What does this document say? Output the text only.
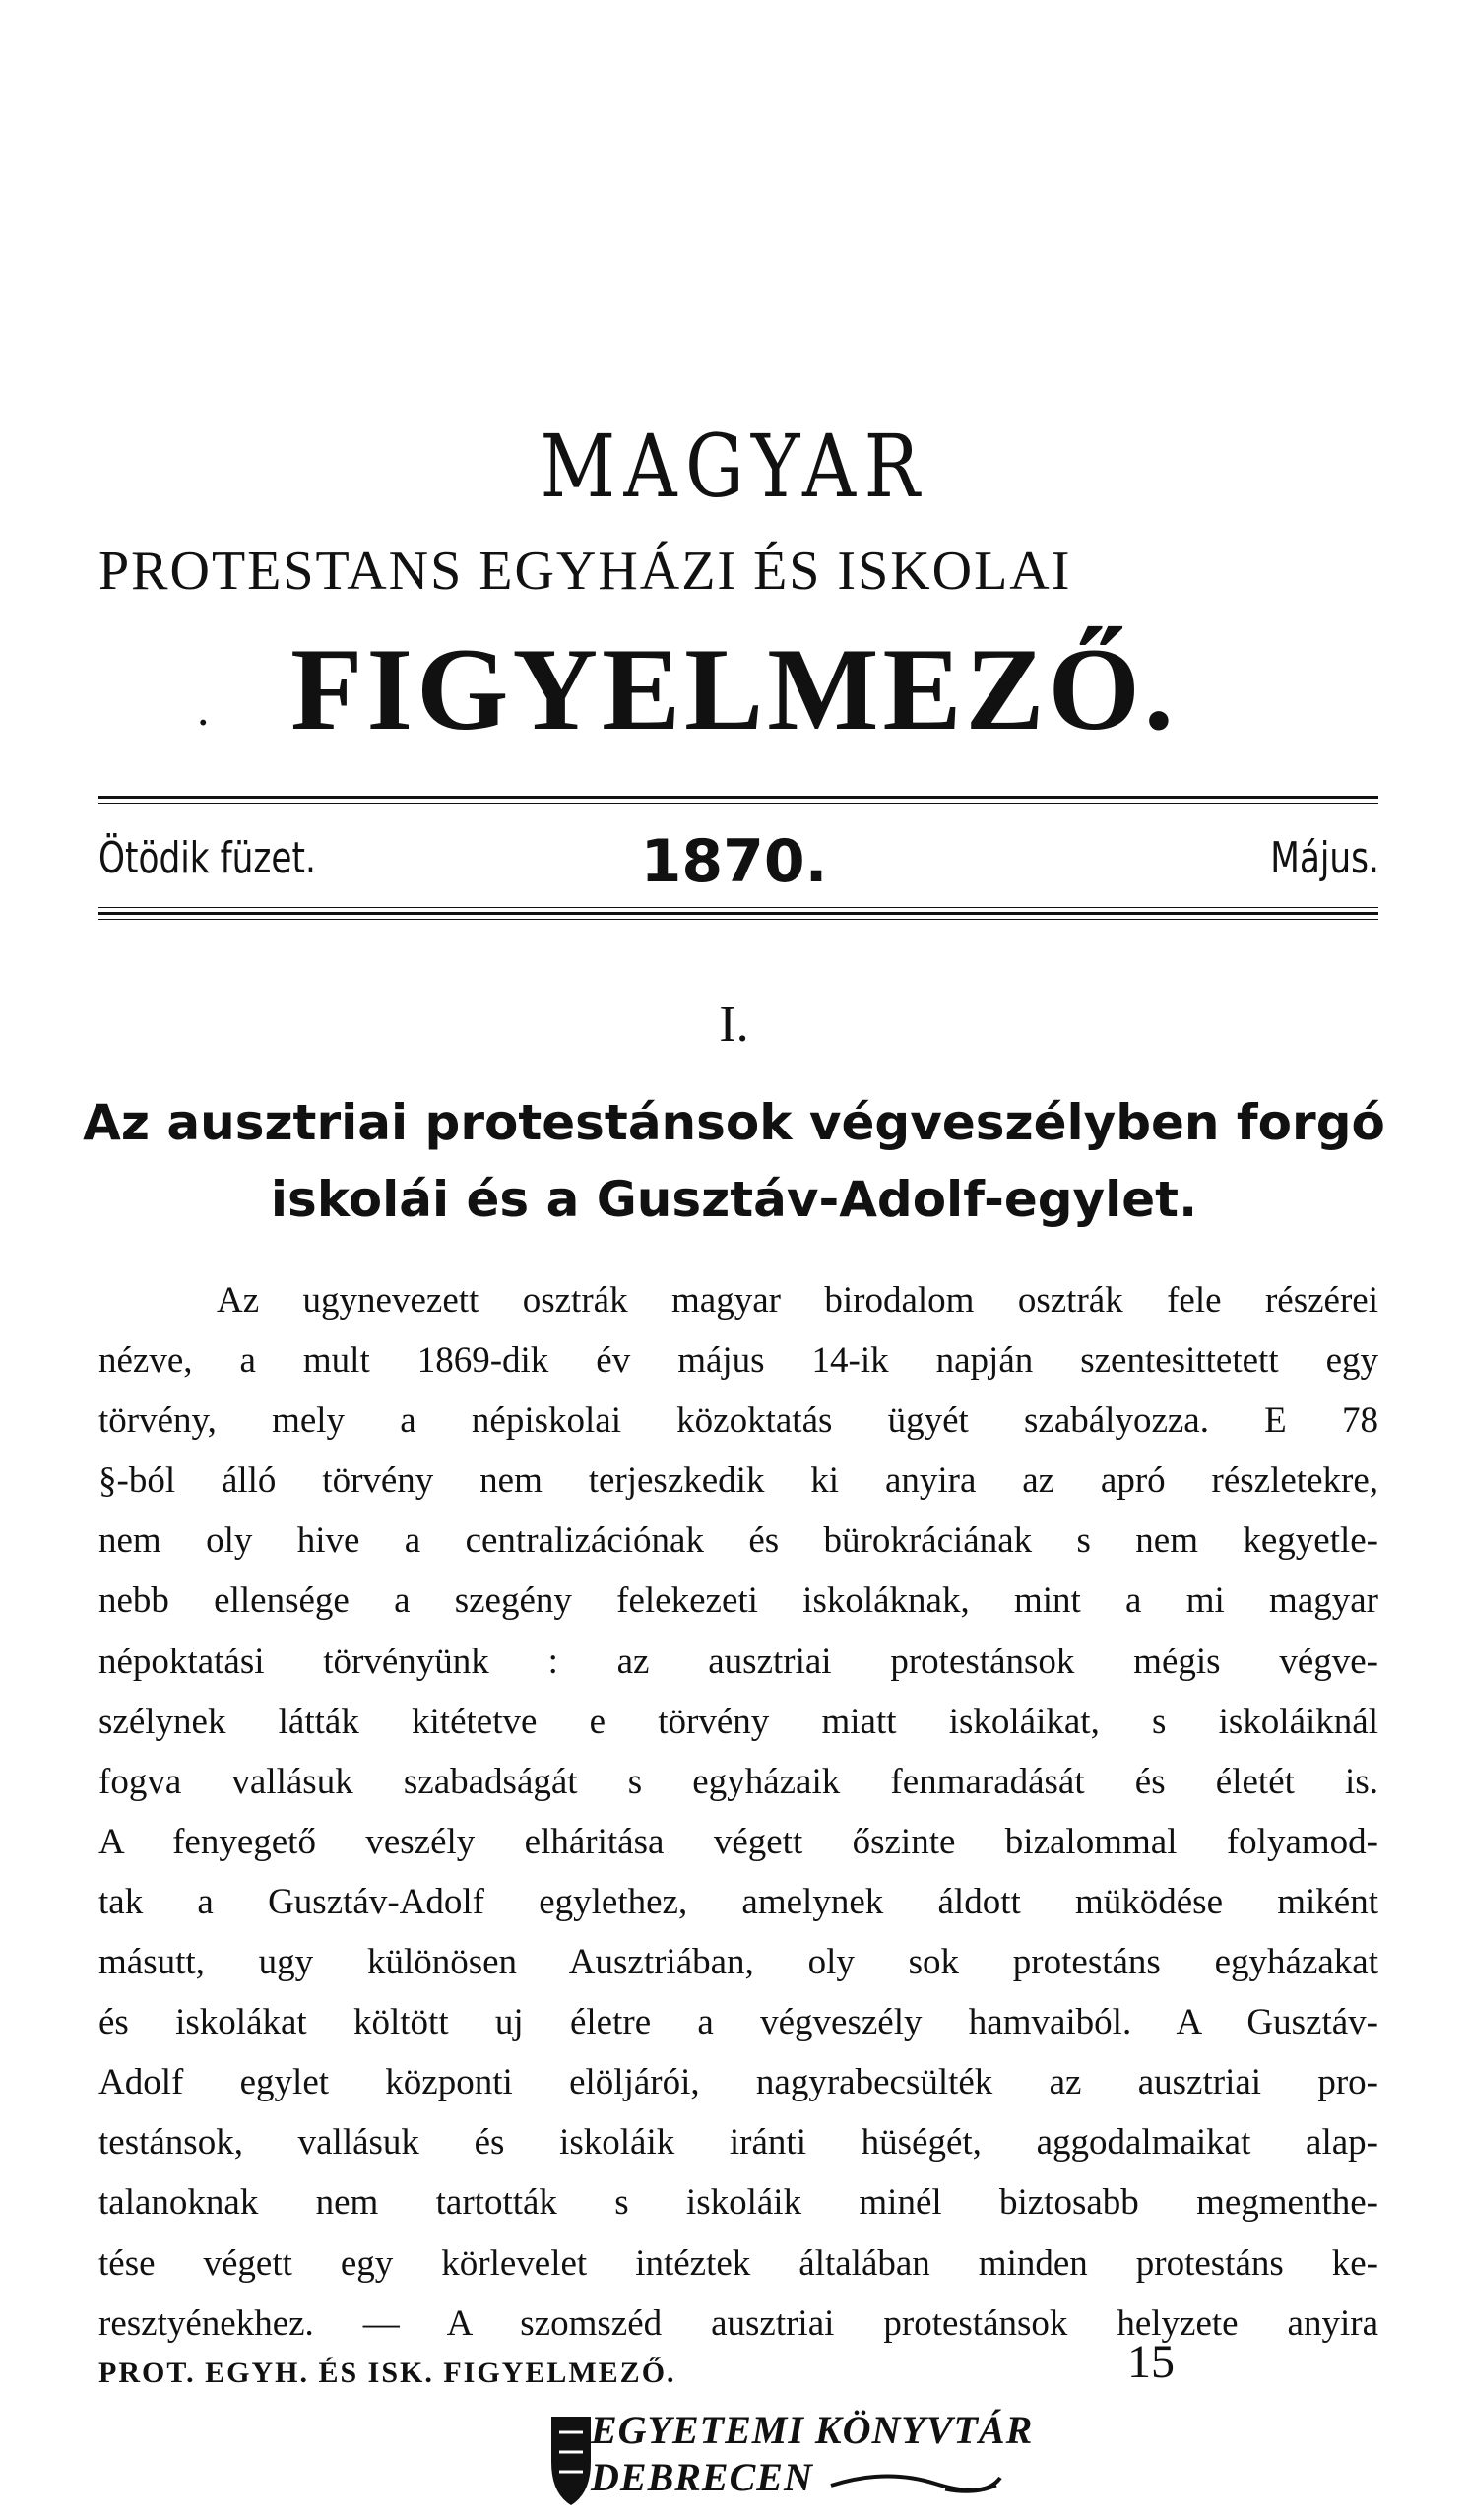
MAGYAR
PROTESTANS EGYHÁZI ÉS ISKOLAI
. FIGYELMEZŐ.
Ötödik füzet.	1870.	Május.
I.
Az ausztriai protestánsok végveszélyben forgó
iskolái és a Gusztáv-Adolf-egylet.
Az ugynevezett osztrák magyar birodalom osztrák fele részérei
nézve, a mult 1869-dik év május 14-ik napján szentesittetett egy
törvény, mely a népiskolai közoktatás ügyét szabályozza. E 78
§-ból álló törvény nem terjeszkedik ki anyira az apró részletekre,
nem oly hive a centralizációnak és bürokráciának s nem kegyetle-
nebb ellensége a szegény felekezeti iskoláknak, mint a mi magyar
népoktatási törvényünk : az ausztriai protestánsok mégis végve-
szélynek látták kitétetve e törvény miatt iskoláikat, s iskoláiknál
fogva vallásuk szabadságát s egyházaik fenmaradását és életét is.
A fenyegető veszély elháritása végett őszinte bizalommal folyamod-
tak a Gusztáv-Adolf egylethez, amelynek áldott müködése miként
másutt, ugy különösen Ausztriában, oly sok protestáns egyházakat
és iskolákat költött uj életre a végveszély hamvaiból. A Gusztáv-
Adolf egylet központi elöljárói, nagyrabecsülték az ausztriai pro-
testánsok, vallásuk és iskoláik iránti hüségét, aggodalmaikat alap-
talanoknak nem tartották s iskoláik minél biztosabb megmenthe-
tése végett egy körlevelet intéztek általában minden protestáns ke-
resztyénekhez. — A szomszéd ausztriai protestánsok helyzete anyira
PROT. EGYH. ÉS ISK. FIGYELMEZŐ.	15
EGYETEMI KÖNYVTÁR
DEBRECEN
